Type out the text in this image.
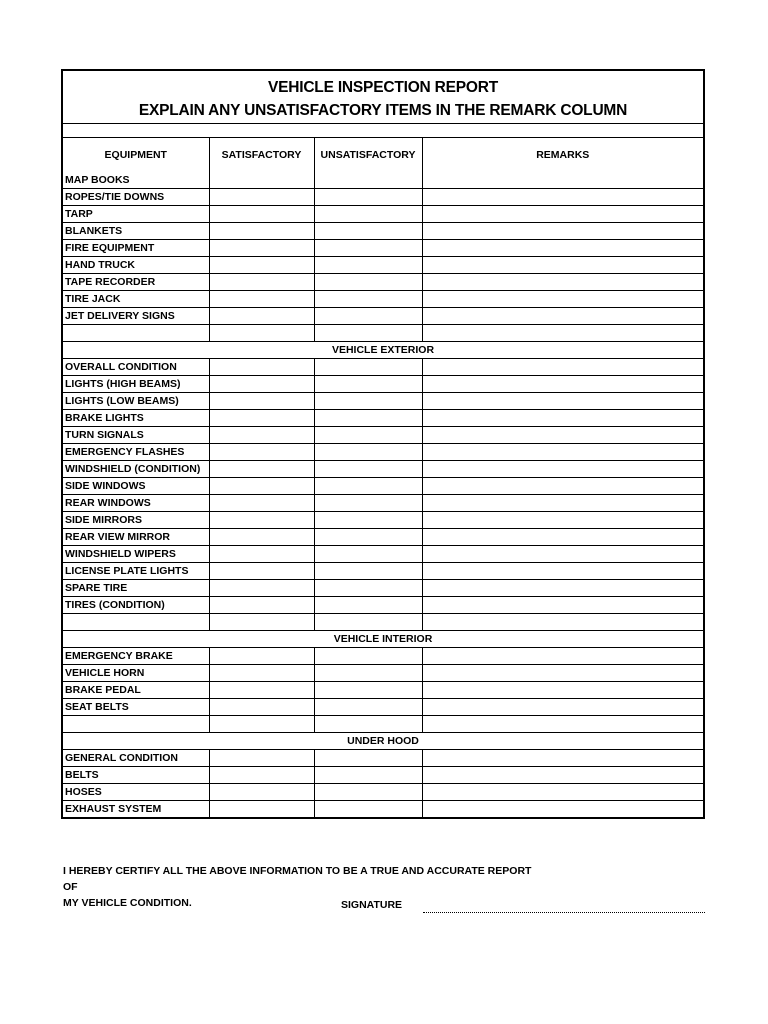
VEHICLE INSPECTION REPORT
EXPLAIN ANY UNSATISFACTORY ITEMS IN THE REMARK COLUMN
EQUIPMENT	SATISFACTORY	UNSATISFACTORY	REMARKS
MAP BOOKS			
ROPES/TIE DOWNS			
TARP			
BLANKETS			
FIRE EQUIPMENT			
HAND TRUCK			
TAPE RECORDER			
TIRE JACK			
JET DELIVERY SIGNS			

VEHICLE EXTERIOR			
OVERALL CONDITION			
LIGHTS (HIGH BEAMS)			
LIGHTS (LOW BEAMS)			
BRAKE LIGHTS			
TURN SIGNALS			
EMERGENCY FLASHES			
WINDSHIELD (CONDITION)			
SIDE WINDOWS			
REAR WINDOWS			
SIDE MIRRORS			
REAR VIEW MIRROR			
WINDSHIELD WIPERS			
LICENSE PLATE LIGHTS			
SPARE TIRE			
TIRES (CONDITION)			

VEHICLE INTERIOR			
EMERGENCY BRAKE			
VEHICLE HORN			
BRAKE PEDAL			
SEAT BELTS			

UNDER HOOD			
GENERAL CONDITION			
BELTS			
HOSES			
EXHAUST SYSTEM			
I HEREBY CERTIFY ALL THE ABOVE INFORMATION TO BE A TRUE AND ACCURATE REPORT OF
MY VEHICLE CONDITION.	SIGNATURE
